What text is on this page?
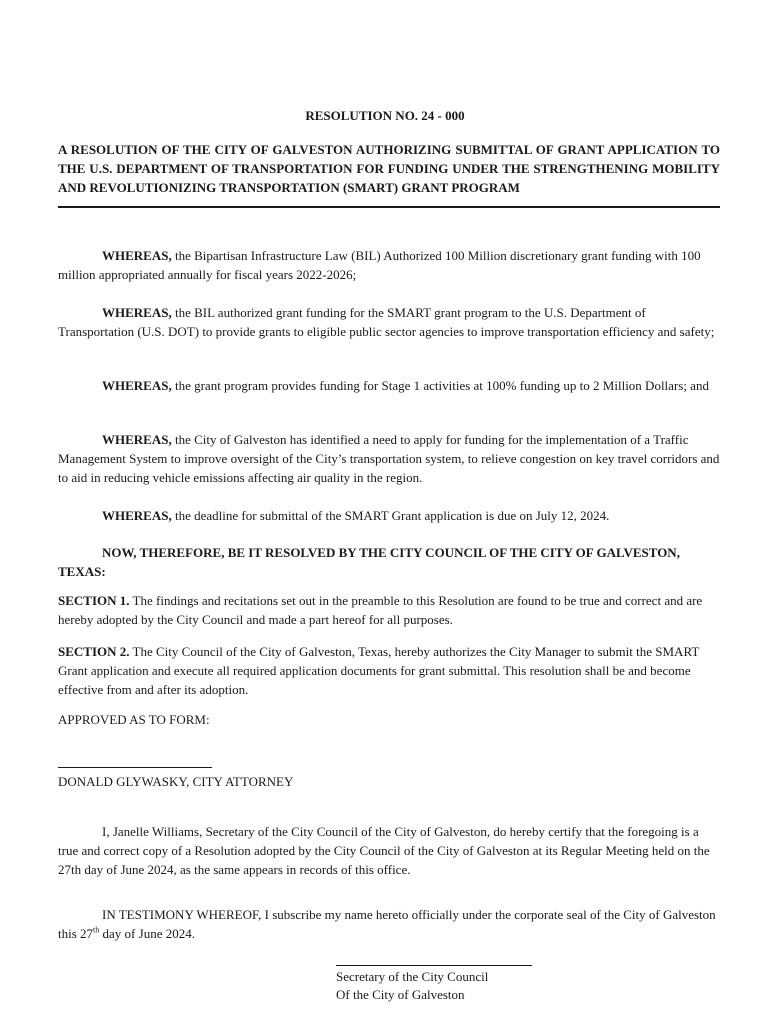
RESOLUTION NO. 24 - 000

A RESOLUTION OF THE CITY OF GALVESTON AUTHORIZING SUBMITTAL OF GRANT APPLICATION TO THE U.S. DEPARTMENT OF TRANSPORTATION FOR FUNDING UNDER THE STRENGTHENING MOBILITY AND REVOLUTIONIZING TRANSPORTATION (SMART) GRANT PROGRAM

WHEREAS, the Bipartisan Infrastructure Law (BIL) Authorized 100 Million discretionary grant funding with 100 million appropriated annually for fiscal years 2022-2026;

WHEREAS, the BIL authorized grant funding for the SMART grant program to the U.S. Department of Transportation (U.S. DOT) to provide grants to eligible public sector agencies to improve transportation efficiency and safety;

WHEREAS, the grant program provides funding for Stage 1 activities at 100% funding up to 2 Million Dollars; and

WHEREAS, the City of Galveston has identified a need to apply for funding for the implementation of a Traffic Management System to improve oversight of the City’s transportation system, to relieve congestion on key travel corridors and to aid in reducing vehicle emissions affecting air quality in the region.

WHEREAS, the deadline for submittal of the SMART Grant application is due on July 12, 2024.

NOW, THEREFORE, BE IT RESOLVED BY THE CITY COUNCIL OF THE CITY OF GALVESTON, TEXAS:

SECTION 1. The findings and recitations set out in the preamble to this Resolution are found to be true and correct and are hereby adopted by the City Council and made a part hereof for all purposes.

SECTION 2. The City Council of the City of Galveston, Texas, hereby authorizes the City Manager to submit the SMART Grant application and execute all required application documents for grant submittal. This resolution shall be and become effective from and after its adoption.

APPROVED AS TO FORM:

DONALD GLYWASKY, CITY ATTORNEY

I, Janelle Williams, Secretary of the City Council of the City of Galveston, do hereby certify that the foregoing is a true and correct copy of a Resolution adopted by the City Council of the City of Galveston at its Regular Meeting held on the 27th day of June 2024, as the same appears in records of this office.

IN TESTIMONY WHEREOF, I subscribe my name hereto officially under the corporate seal of the City of Galveston this 27th day of June 2024.

Secretary of the City Council

Of the City of Galveston
